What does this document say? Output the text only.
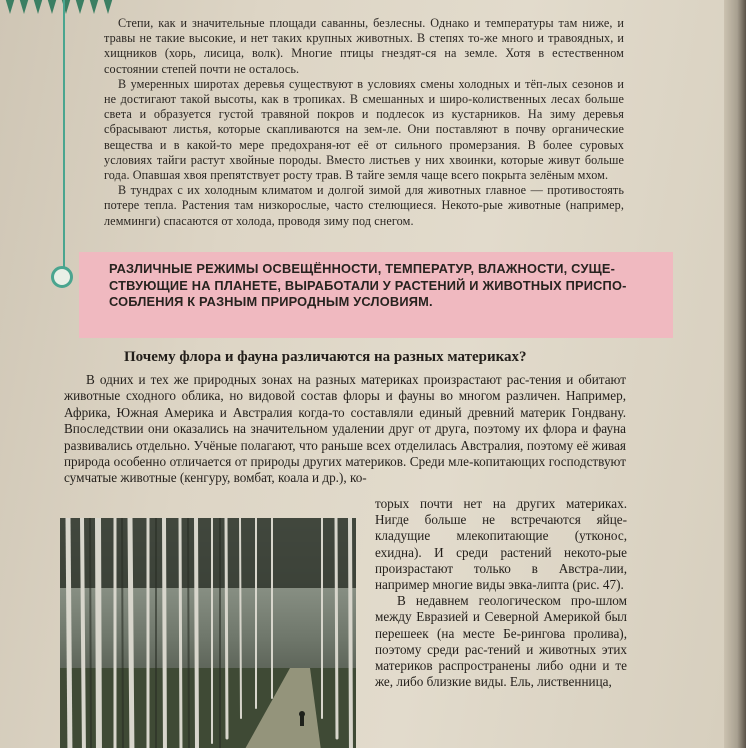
Степи, как и значительные площади саванны, безлесны. Однако и температуры там ниже, и травы не такие высокие, и нет таких крупных животных. В степях то-же много и травоядных, и хищников (хорь, лисица, волк). Многие птицы гнездят-ся на земле. Хотя в естественном состоянии степей почти не осталось.

В умеренных широтах деревья существуют в условиях смены холодных и тёп-лых сезонов и не достигают такой высоты, как в тропиках. В смешанных и широ-колиственных лесах больше света и образуется густой травяной покров и подлесок из кустарников. На зиму деревья сбрасывают листья, которые скапливаются на зем-ле. Они поставляют в почву органические вещества и в какой-то мере предохраня-ют её от сильного промерзания. В более суровых условиях тайги растут хвойные породы. Вместо листьев у них хвоинки, которые живут больше года. Опавшая хвоя препятствует росту трав. В тайге земля чаще всего покрыта зелёным мхом.

В тундрах с их холодным климатом и долгой зимой для животных главное — противостоять потере тепла. Растения там низкорослые, часто стелющиеся. Некото-рые животные (например, лемминги) спасаются от холода, проводя зиму под снегом.

РАЗЛИЧНЫЕ РЕЖИМЫ ОСВЕЩЁННОСТИ, ТЕМПЕРАТУР, ВЛАЖНОСТИ, СУЩЕ-СТВУЮЩИЕ НА ПЛАНЕТЕ, ВЫРАБОТАЛИ У РАСТЕНИЙ И ЖИВОТНЫХ ПРИСПО-СОБЛЕНИЯ К РАЗНЫМ ПРИРОДНЫМ УСЛОВИЯМ.

Почему флора и фауна различаются на разных материках?

В одних и тех же природных зонах на разных материках произрастают рас-тения и обитают животные сходного облика, но видовой состав флоры и фауны во многом различен. Например, Африка, Южная Америка и Австралия когда-то составляли единый древний материк Гондвану. Впоследствии они оказались на значительном удалении друг от друга, поэтому их флора и фауна развивались отдельно. Учёные полагают, что раньше всех отделилась Австралия, поэтому её живая природа особенно отличается от природы других материков. Среди мле-копитающих господствуют сумчатые животные (кенгуру, вомбат, коала и др.), ко-

торых почти нет на других материках. Нигде больше не встречаются яйце-кладущие млекопитающие (утконос, ехидна). И среди растений некото-рые произрастают только в Австра-лии, например многие виды эвка-липта (рис. 47).

В недавнем геологическом про-шлом между Евразией и Северной Америкой был перешеек (на месте Бе-рингова пролива), поэтому среди рас-тений и животных этих материков распространены либо одни и те же, либо близкие виды. Ель, лиственница,
